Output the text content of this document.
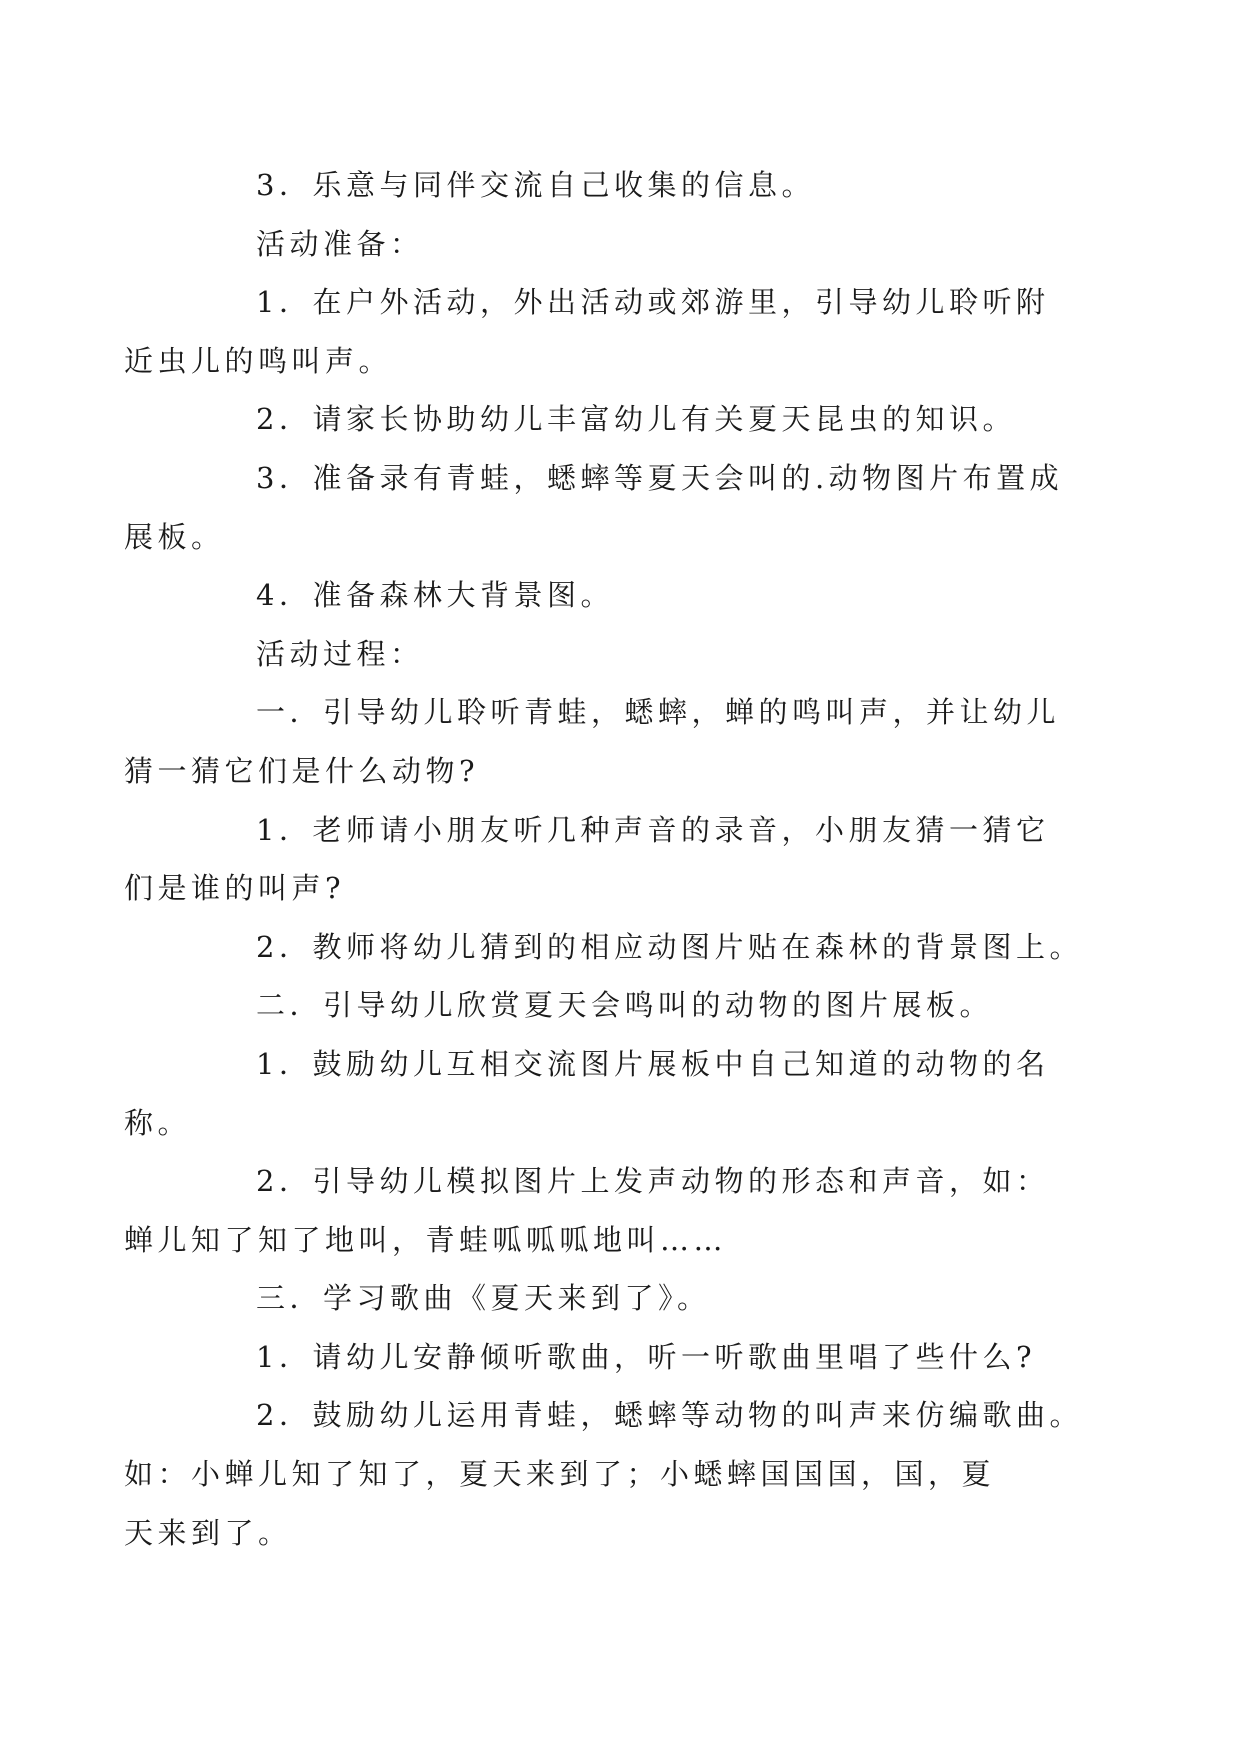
3．乐意与同伴交流自己收集的信息。

活动准备：

1．在户外活动，外出活动或郊游里，引导幼儿聆听附
近虫儿的鸣叫声。

2．请家长协助幼儿丰富幼儿有关夏天昆虫的知识。

3．准备录有青蛙，蟋蟀等夏天会叫的.动物图片布置成
展板。

4．准备森林大背景图。

活动过程：

一．引导幼儿聆听青蛙，蟋蟀，蝉的鸣叫声，并让幼儿
猜一猜它们是什么动物?

1．老师请小朋友听几种声音的录音，小朋友猜一猜它
们是谁的叫声?

2．教师将幼儿猜到的相应动图片贴在森林的背景图上。

二．引导幼儿欣赏夏天会鸣叫的动物的图片展板。

1．鼓励幼儿互相交流图片展板中自己知道的动物的名
称。

2．引导幼儿模拟图片上发声动物的形态和声音，如：
蝉儿知了知了地叫，青蛙呱呱呱地叫……

三．学习歌曲《夏天来到了》。

1．请幼儿安静倾听歌曲，听一听歌曲里唱了些什么?

2．鼓励幼儿运用青蛙，蟋蟀等动物的叫声来仿编歌曲。
如：小蝉儿知了知了，夏天来到了；小蟋蟀国国国，国，夏
天来到了。
